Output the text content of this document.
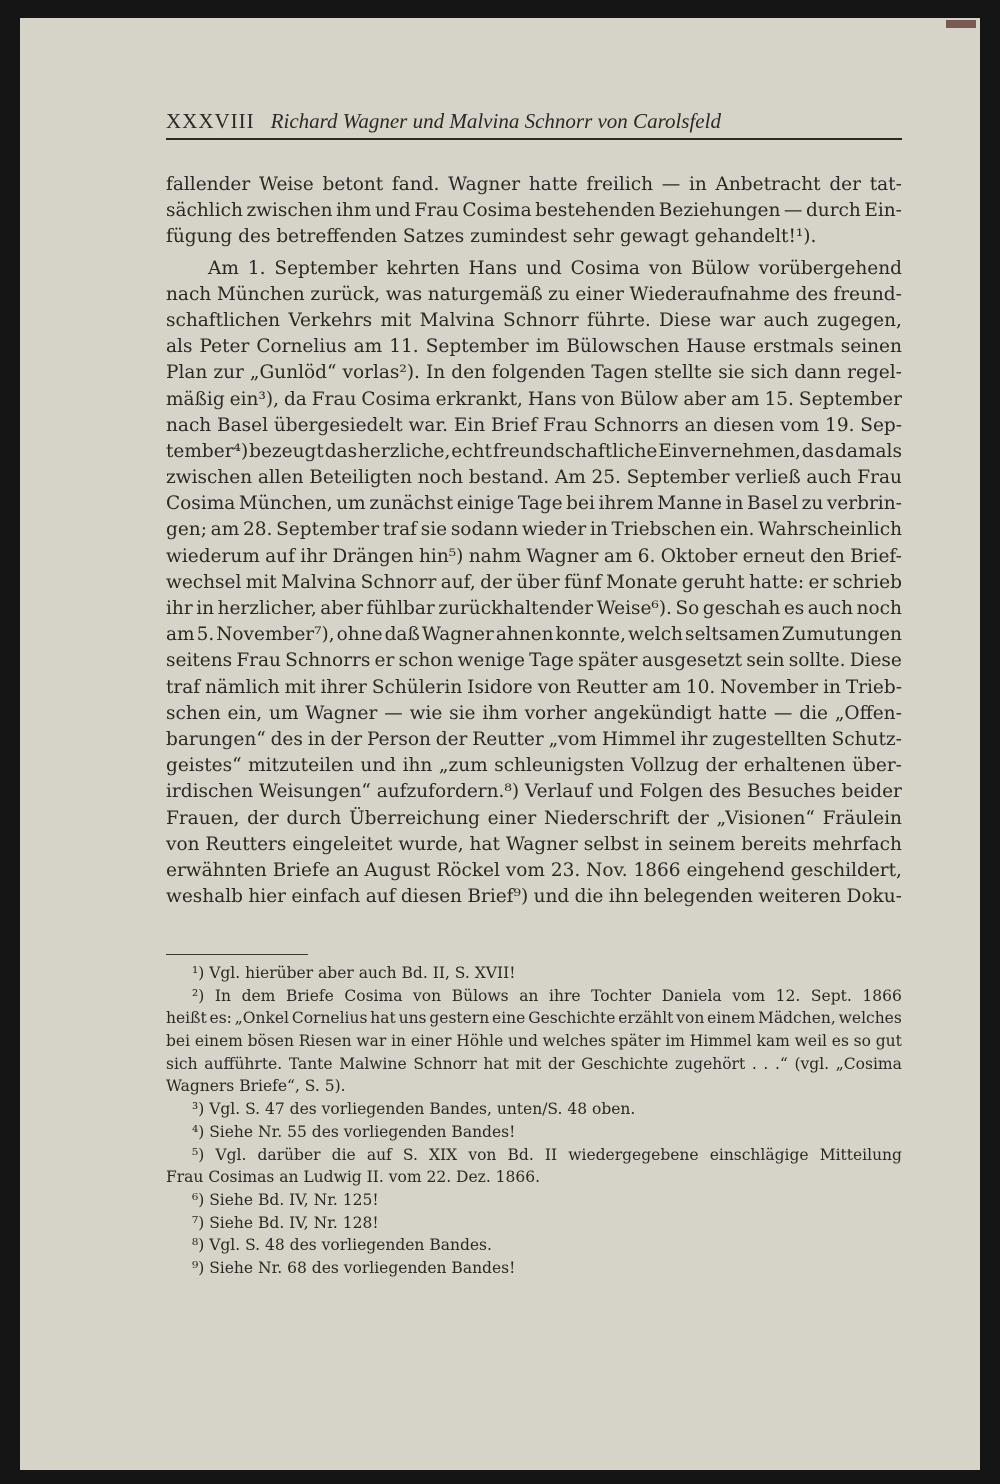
XXXVIII Richard Wagner und Malvina Schnorr von Carolsfeld
fallender Weise betont fand. Wagner hatte freilich — in Anbetracht der tat-
sächlich zwischen ihm und Frau Cosima bestehenden Beziehungen — durch Ein-
fügung des betreffenden Satzes zumindest sehr gewagt gehandelt!¹).
Am 1. September kehrten Hans und Cosima von Bülow vorübergehend
nach München zurück, was naturgemäß zu einer Wiederaufnahme des freund-
schaftlichen Verkehrs mit Malvina Schnorr führte. Diese war auch zugegen,
als Peter Cornelius am 11. September im Bülowschen Hause erstmals seinen
Plan zur „Gunlöd“ vorlas²). In den folgenden Tagen stellte sie sich dann regel-
mäßig ein³), da Frau Cosima erkrankt, Hans von Bülow aber am 15. September
nach Basel übergesiedelt war. Ein Brief Frau Schnorrs an diesen vom 19. Sep-
tember⁴) bezeugt das herzliche, echt freundschaftliche Einvernehmen, das damals
zwischen allen Beteiligten noch bestand. Am 25. September verließ auch Frau
Cosima München, um zunächst einige Tage bei ihrem Manne in Basel zu verbrin-
gen; am 28. September traf sie sodann wieder in Triebschen ein. Wahrscheinlich
wiederum auf ihr Drängen hin⁵) nahm Wagner am 6. Oktober erneut den Brief-
wechsel mit Malvina Schnorr auf, der über fünf Monate geruht hatte: er schrieb
ihr in herzlicher, aber fühlbar zurückhaltender Weise⁶). So geschah es auch noch
am 5. November⁷), ohne daß Wagner ahnen konnte, welch seltsamen Zumutungen
seitens Frau Schnorrs er schon wenige Tage später ausgesetzt sein sollte. Diese
traf nämlich mit ihrer Schülerin Isidore von Reutter am 10. November in Trieb-
schen ein, um Wagner — wie sie ihm vorher angekündigt hatte — die „Offen-
barungen“ des in der Person der Reutter „vom Himmel ihr zugestellten Schutz-
geistes“ mitzuteilen und ihn „zum schleunigsten Vollzug der erhaltenen über-
irdischen Weisungen“ aufzufordern.⁸) Verlauf und Folgen des Besuches beider
Frauen, der durch Überreichung einer Niederschrift der „Visionen“ Fräulein
von Reutters eingeleitet wurde, hat Wagner selbst in seinem bereits mehrfach
erwähnten Briefe an August Röckel vom 23. Nov. 1866 eingehend geschildert,
weshalb hier einfach auf diesen Brief⁹) und die ihn belegenden weiteren Doku-
¹) Vgl. hierüber aber auch Bd. II, S. XVII!
²) In dem Briefe Cosima von Bülows an ihre Tochter Daniela vom 12. Sept. 1866
heißt es: „Onkel Cornelius hat uns gestern eine Geschichte erzählt von einem Mädchen, welches
bei einem bösen Riesen war in einer Höhle und welches später im Himmel kam weil es so gut
sich aufführte. Tante Malwine Schnorr hat mit der Geschichte zugehört . . .“ (vgl. „Cosima
Wagners Briefe“, S. 5).
³) Vgl. S. 47 des vorliegenden Bandes, unten/S. 48 oben.
⁴) Siehe Nr. 55 des vorliegenden Bandes!
⁵) Vgl. darüber die auf S. XIX von Bd. II wiedergegebene einschlägige Mitteilung
Frau Cosimas an Ludwig II. vom 22. Dez. 1866.
⁶) Siehe Bd. IV, Nr. 125!
⁷) Siehe Bd. IV, Nr. 128!
⁸) Vgl. S. 48 des vorliegenden Bandes.
⁹) Siehe Nr. 68 des vorliegenden Bandes!
